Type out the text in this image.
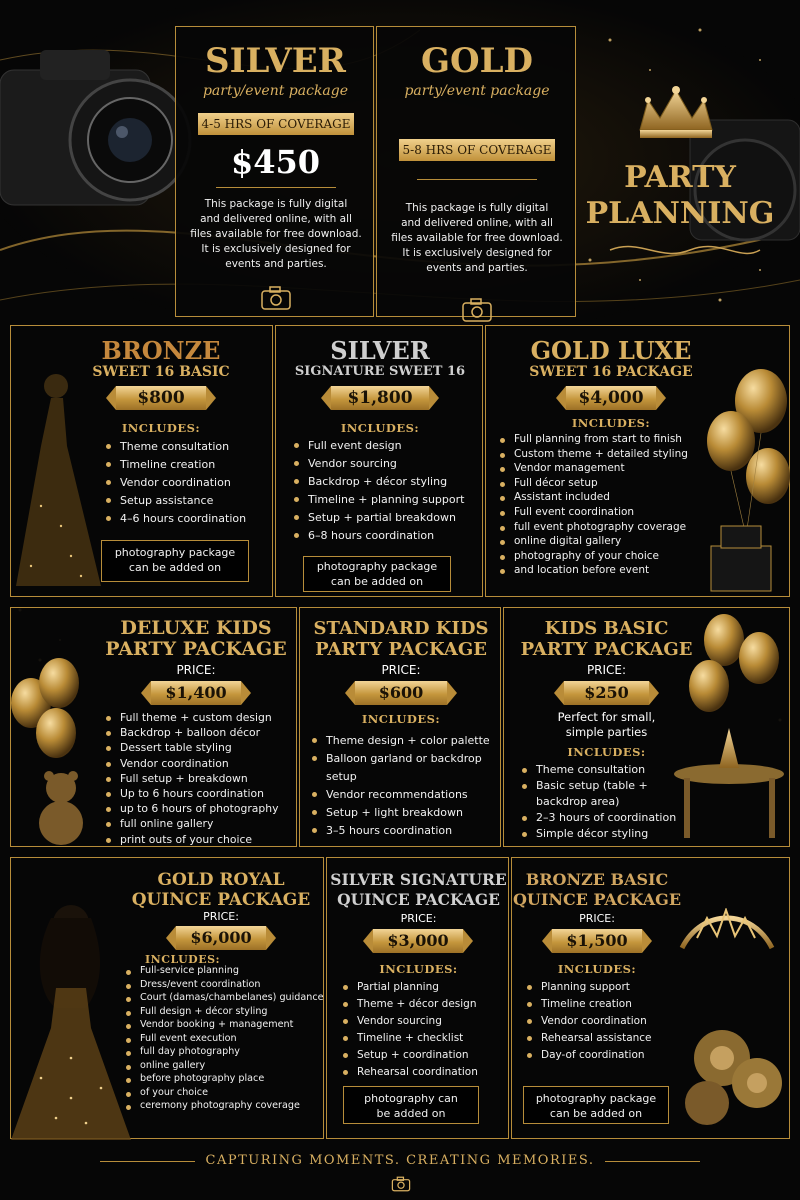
SILVER
party/event package
4-5 HRS OF COVERAGE
$450
This package is fully digital
and delivered online, with all
files available for free download.
It is exclusively designed for
events and parties.
GOLD
party/event package
5-8 HRS OF COVERAGE
This package is fully digital
and delivered online, with all
files available for free download.
It is exclusively designed for
events and parties.
PARTY
PLANNING
BRONZE
SWEET 16 BASIC
$800
INCLUDES:
Theme consultation
Timeline creation
Vendor coordination
Setup assistance
4–6 hours coordination
photography package
can be added on
SILVER
SIGNATURE SWEET 16
$1,800
INCLUDES:
Full event design
Vendor sourcing
Backdrop + décor styling
Timeline + planning support
Setup + partial breakdown
6–8 hours coordination
photography package
can be added on
GOLD LUXE
SWEET 16 PACKAGE
$4,000
INCLUDES:
Full planning from start to finish
Custom theme + detailed styling
Vendor management
Full décor setup
Assistant included
Full event coordination
full event photography coverage
online digital gallery
photography of your choice
and location before event
DELUXE KIDS
PARTY PACKAGE
PRICE:
$1,400
Full theme + custom design
Backdrop + balloon décor
Dessert table styling
Vendor coordination
Full setup + breakdown
Up to 6 hours coordination
up to 6 hours of photography
full online gallery
print outs of your choice
STANDARD KIDS
PARTY PACKAGE
PRICE:
$600
INCLUDES:
Theme design + color palette
Balloon garland or backdrop setup
Vendor recommendations
Setup + light breakdown
3–5 hours coordination
KIDS BASIC
PARTY PACKAGE
PRICE:
$250
Perfect for small,
simple parties
INCLUDES:
Theme consultation
Basic setup (table + backdrop area)
2–3 hours of coordination
Simple décor styling
GOLD ROYAL
QUINCE PACKAGE
PRICE:
$6,000
INCLUDES:
Full-service planning
Dress/event coordination
Court (damas/chambelanes) guidance
Full design + décor styling
Vendor booking + management
Full event execution
full day photography
online gallery
before photography place
of your choice
ceremony photography coverage
SILVER SIGNATURE
QUINCE PACKAGE
PRICE:
$3,000
INCLUDES:
Partial planning
Theme + décor design
Vendor sourcing
Timeline + checklist
Setup + coordination
Rehearsal coordination
photography can
be added on
BRONZE BASIC
QUINCE PACKAGE
PRICE:
$1,500
INCLUDES:
Planning support
Timeline creation
Vendor coordination
Rehearsal assistance
Day-of coordination
photography package
can be added on
CAPTURING MOMENTS. CREATING MEMORIES.
